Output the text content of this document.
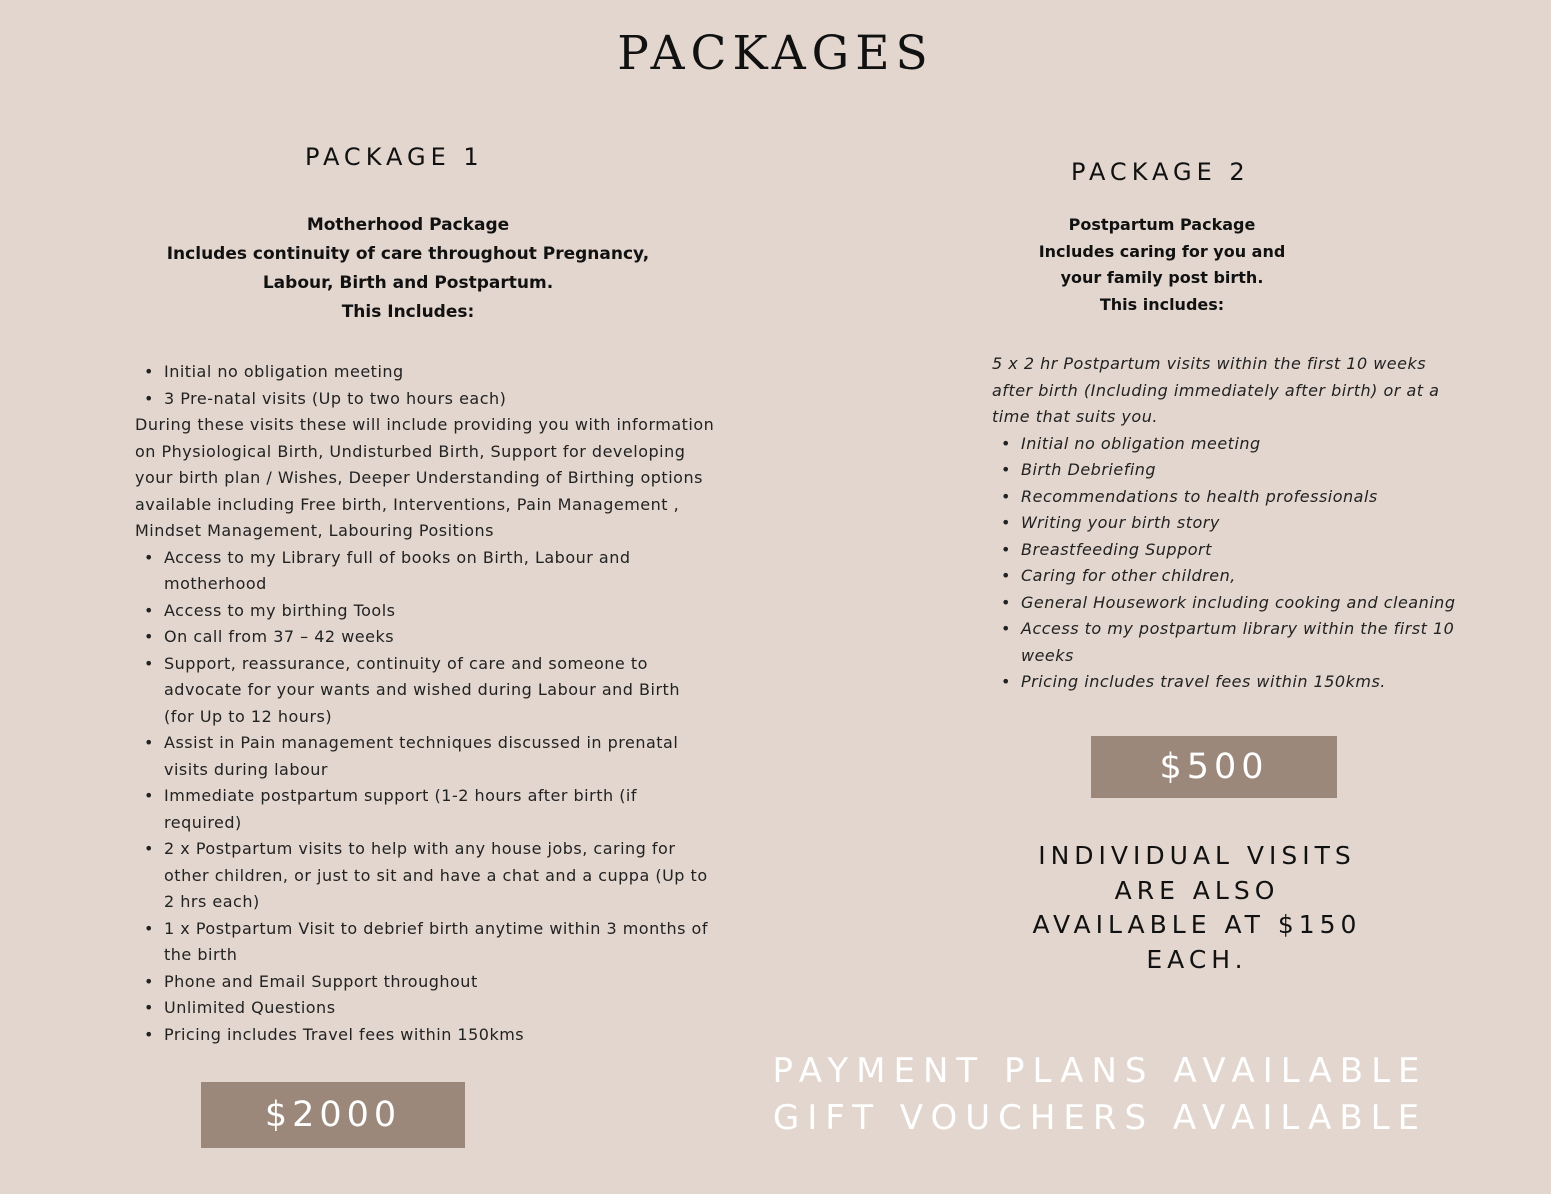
PACKAGES
PACKAGE 1
Motherhood Package
Includes continuity of care throughout Pregnancy,
Labour, Birth and Postpartum.
This Includes:
• Initial no obligation meeting
• 3 Pre-natal visits (Up to two hours each)
During these visits these will include providing you with information on Physiological Birth, Undisturbed Birth, Support for developing your birth plan / Wishes, Deeper Understanding of Birthing options available including Free birth, Interventions, Pain Management , Mindset Management, Labouring Positions
• Access to my Library full of books on Birth, Labour and motherhood
• Access to my birthing Tools
• On call from 37 – 42 weeks
• Support, reassurance, continuity of care and someone to advocate for your wants and wished during Labour and Birth (for Up to 12 hours)
• Assist in Pain management techniques discussed in prenatal visits during labour
• Immediate postpartum support (1-2 hours after birth (if required)
• 2 x Postpartum visits to help with any house jobs, caring for other children, or just to sit and have a chat and a cuppa (Up to 2 hrs each)
• 1 x Postpartum Visit to debrief birth anytime within 3 months of the birth
• Phone and Email Support throughout
• Unlimited Questions
• Pricing includes Travel fees within 150kms
$2000
PACKAGE 2
Postpartum Package
Includes caring for you and
your family post birth.
This includes:
5 x 2 hr Postpartum visits within the first 10 weeks after birth (Including immediately after birth) or at a time that suits you.
• Initial no obligation meeting
• Birth Debriefing
• Recommendations to health professionals
• Writing your birth story
• Breastfeeding Support
• Caring for other children,
• General Housework including cooking and cleaning
• Access to my postpartum library within the first 10 weeks
• Pricing includes travel fees within 150kms.
$500
INDIVIDUAL VISITS
ARE ALSO
AVAILABLE AT $150
EACH.
PAYMENT PLANS AVAILABLE
GIFT VOUCHERS AVAILABLE
